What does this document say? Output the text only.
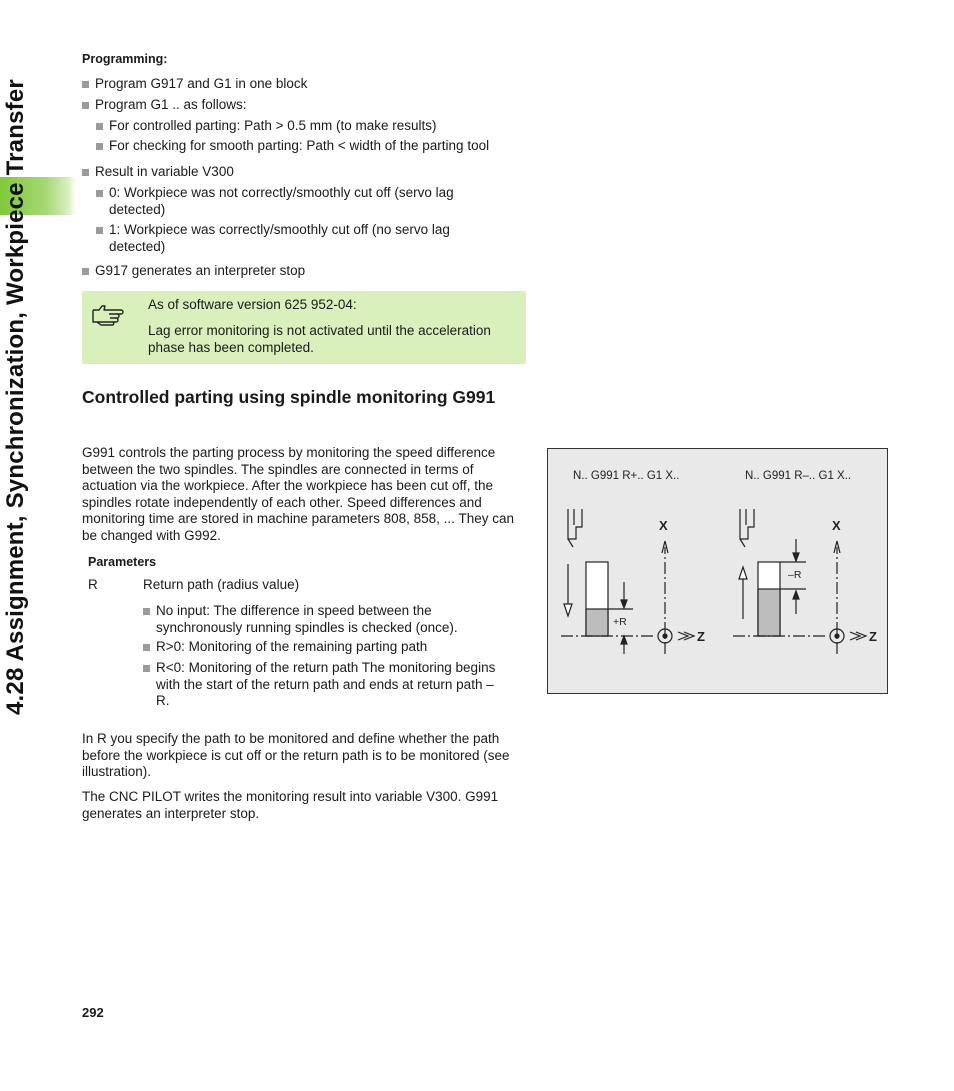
4.28 Assignment, Synchronization, Workpiece Transfer
Programming:
Program G917 and G1 in one block
Program G1 .. as follows:
For controlled parting: Path > 0.5 mm (to make results)
For checking for smooth parting: Path < width of the parting tool
Result in variable V300
0: Workpiece was not correctly/smoothly cut off (servo lag detected)
1: Workpiece was correctly/smoothly cut off (no servo lag detected)
G917 generates an interpreter stop
As of software version 625 952-04:
Lag error monitoring is not activated until the acceleration phase has been completed.
Controlled parting using spindle monitoring G991
G991 controls the parting process by monitoring the speed difference between the two spindles. The spindles are connected in terms of actuation via the workpiece. After the workpiece has been cut off, the spindles rotate independently of each other. Speed differences and monitoring time are stored in machine parameters 808, 858, ... They can be changed with G992.
Parameters
R	Return path (radius value)
No input: The difference in speed between the synchronously running spindles is checked (once).
R>0: Monitoring of the remaining parting path
R<0: Monitoring of the return path The monitoring begins with the start of the return path and ends at return path – R.
In R you specify the path to be monitored and define whether the path before the workpiece is cut off or the return path is to be monitored (see illustration).
The CNC PILOT writes the monitoring result into variable V300. G991 generates an interpreter stop.
292
N.. G991 R+.. G1 X..	N.. G991 R–.. G1 X..
X
Z
X
Z
+R
–R
